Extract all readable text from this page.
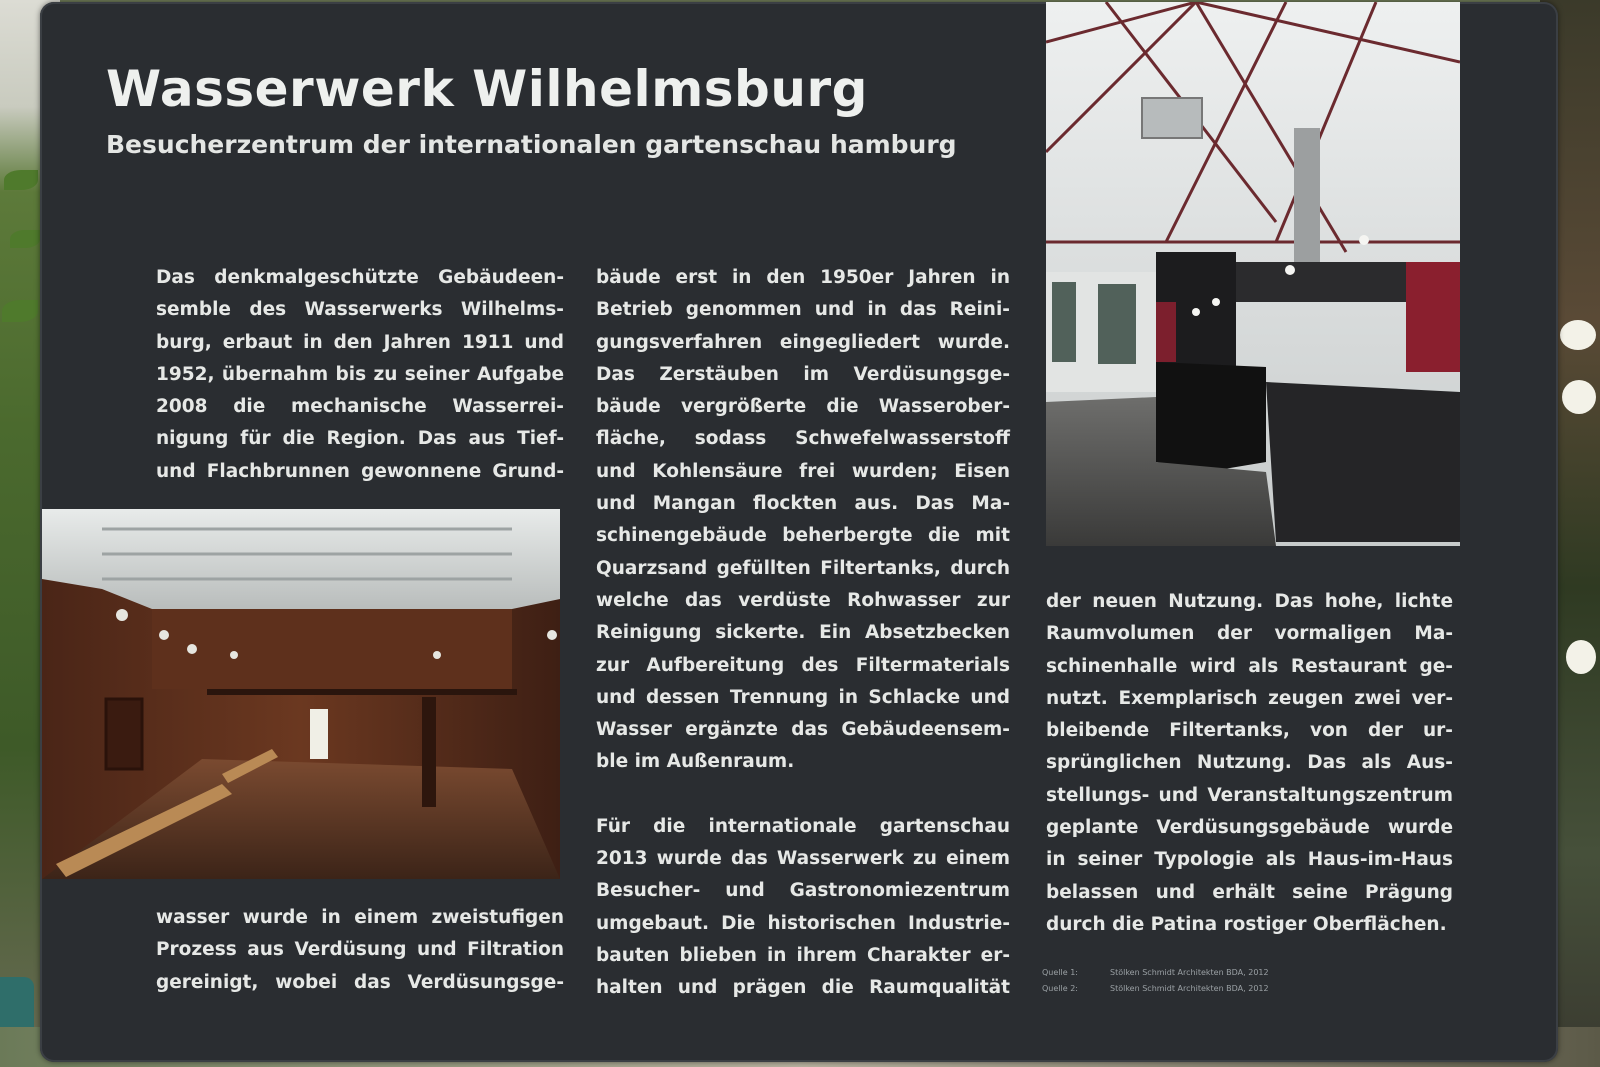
Wasserwerk Wilhelmsburg
Besucherzentrum der internationalen gartenschau hamburg
Das denkmalgeschützte Gebäudeen-
semble des Wasserwerks Wilhelms-
burg, erbaut in den Jahren 1911 und
1952, übernahm bis zu seiner Aufgabe
2008 die mechanische Wasserrei-
nigung für die Region. Das aus Tief-
und Flachbrunnen gewonnene Grund-
wasser wurde in einem zweistufigen
Prozess aus Verdüsung und Filtration
gereinigt, wobei das Verdüsungsge-
bäude erst in den 1950er Jahren in
Betrieb genommen und in das Reini-
gungsverfahren eingegliedert wurde.
Das Zerstäuben im Verdüsungsge-
bäude vergrößerte die Wasserober-
fläche, sodass Schwefelwasserstoff
und Kohlensäure frei wurden; Eisen
und Mangan flockten aus. Das Ma-
schinengebäude beherbergte die mit
Quarzsand gefüllten Filtertanks, durch
welche das verdüste Rohwasser zur
Reinigung sickerte. Ein Absetzbecken
zur Aufbereitung des Filtermaterials
und dessen Trennung in Schlacke und
Wasser ergänzte das Gebäudeensem-
ble im Außenraum.
Für die internationale gartenschau
2013 wurde das Wasserwerk zu einem
Besucher- und Gastronomiezentrum
umgebaut. Die historischen Industrie-
bauten blieben in ihrem Charakter er-
halten und prägen die Raumqualität
der neuen Nutzung. Das hohe, lichte
Raumvolumen der vormaligen Ma-
schinenhalle wird als Restaurant ge-
nutzt. Exemplarisch zeugen zwei ver-
bleibende Filtertanks, von der ur-
sprünglichen Nutzung. Das als Aus-
stellungs- und Veranstaltungszentrum
geplante Verdüsungsgebäude wurde
in seiner Typologie als Haus-im-Haus
belassen und erhält seine Prägung
durch die Patina rostiger Oberflächen.
Quelle 1:	Stölken Schmidt Architekten BDA, 2012
Quelle 2:	Stölken Schmidt Architekten BDA, 2012
